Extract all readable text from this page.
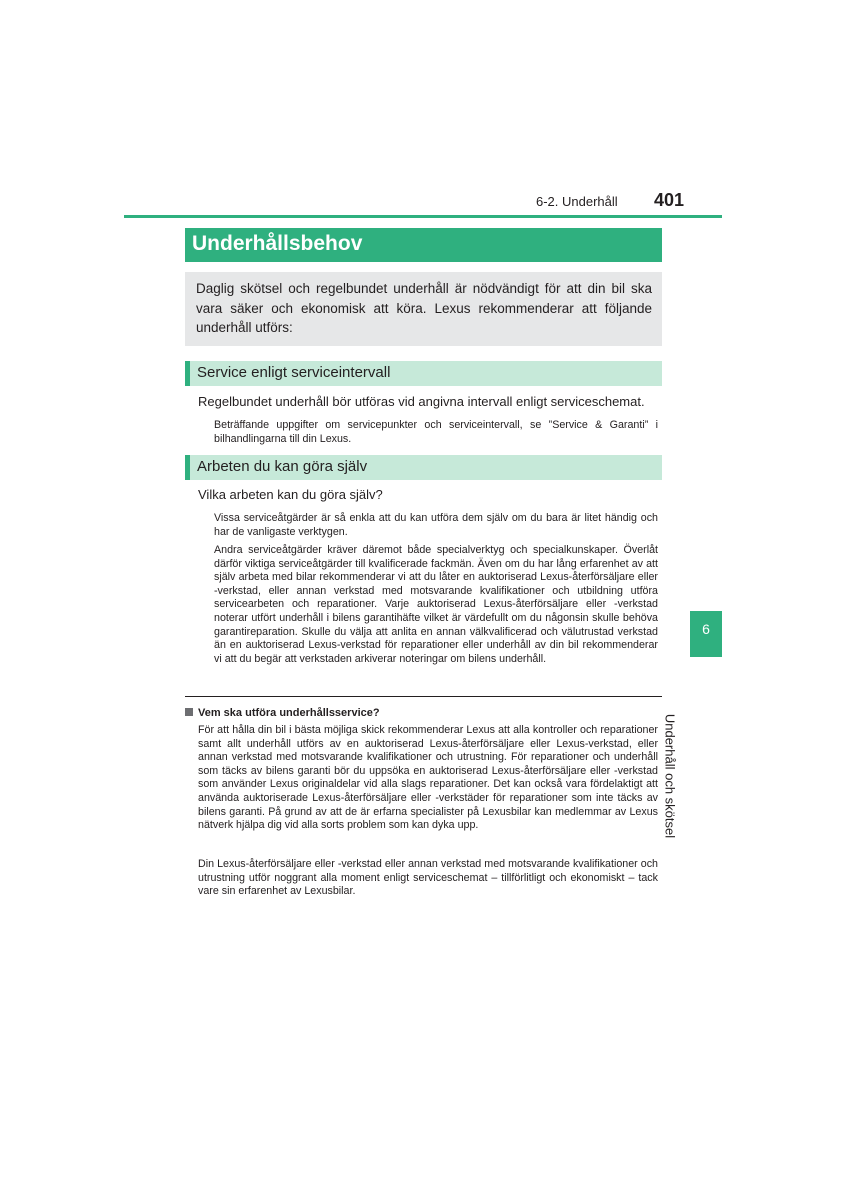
6-2. Underhåll 401
Underhållsbehov
Daglig skötsel och regelbundet underhåll är nödvändigt för att din bil ska vara säker och ekonomisk att köra. Lexus rekommenderar att följande underhåll utförs:
Service enligt serviceintervall
Regelbundet underhåll bör utföras vid angivna intervall enligt serviceschemat.
Beträffande uppgifter om servicepunkter och serviceintervall, se ”Service & Garanti” i bilhandlingarna till din Lexus.
Arbeten du kan göra själv
Vilka arbeten kan du göra själv?
Vissa serviceåtgärder är så enkla att du kan utföra dem själv om du bara är litet händig och har de vanligaste verktygen.
Andra serviceåtgärder kräver däremot både specialverktyg och specialkunskaper. Överlåt därför viktiga serviceåtgärder till kvalificerade fackmän. Även om du har lång erfarenhet av att själv arbeta med bilar rekommenderar vi att du låter en auktoriserad Lexus-återförsäljare eller -verkstad, eller annan verkstad med motsvarande kvalifikationer och utbildning utföra servicearbeten och reparationer. Varje auktoriserad Lexus-återförsäljare eller -verkstad noterar utfört underhåll i bilens garantihäfte vilket är värdefullt om du någonsin skulle behöva garantireparation. Skulle du välja att anlita en annan välkvalificerad och välutrustad verkstad än en auktoriserad Lexus-verkstad för reparationer eller underhåll av din bil rekommenderar vi att du begär att verkstaden arkiverar noteringar om bilens underhåll.
Vem ska utföra underhållsservice?
För att hålla din bil i bästa möjliga skick rekommenderar Lexus att alla kontroller och reparationer samt allt underhåll utförs av en auktoriserad Lexus-återförsäljare eller Lexus-verkstad, eller annan verkstad med motsvarande kvalifikationer och utrustning. För reparationer och underhåll som täcks av bilens garanti bör du uppsöka en auktoriserad Lexus-återförsäljare eller -verkstad som använder Lexus originaldelar vid alla slags reparationer. Det kan också vara fördelaktigt att använda auktoriserade Lexus-återförsäljare eller -verkstäder för reparationer som inte täcks av bilens garanti. På grund av att de är erfarna specialister på Lexusbilar kan medlemmar av Lexus nätverk hjälpa dig vid alla sorts problem som kan dyka upp.
Din Lexus-återförsäljare eller -verkstad eller annan verkstad med motsvarande kvalifikationer och utrustning utför noggrant alla moment enligt serviceschemat – tillförlitligt och ekonomiskt – tack vare sin erfarenhet av Lexusbilar.
6
Underhåll och skötsel
